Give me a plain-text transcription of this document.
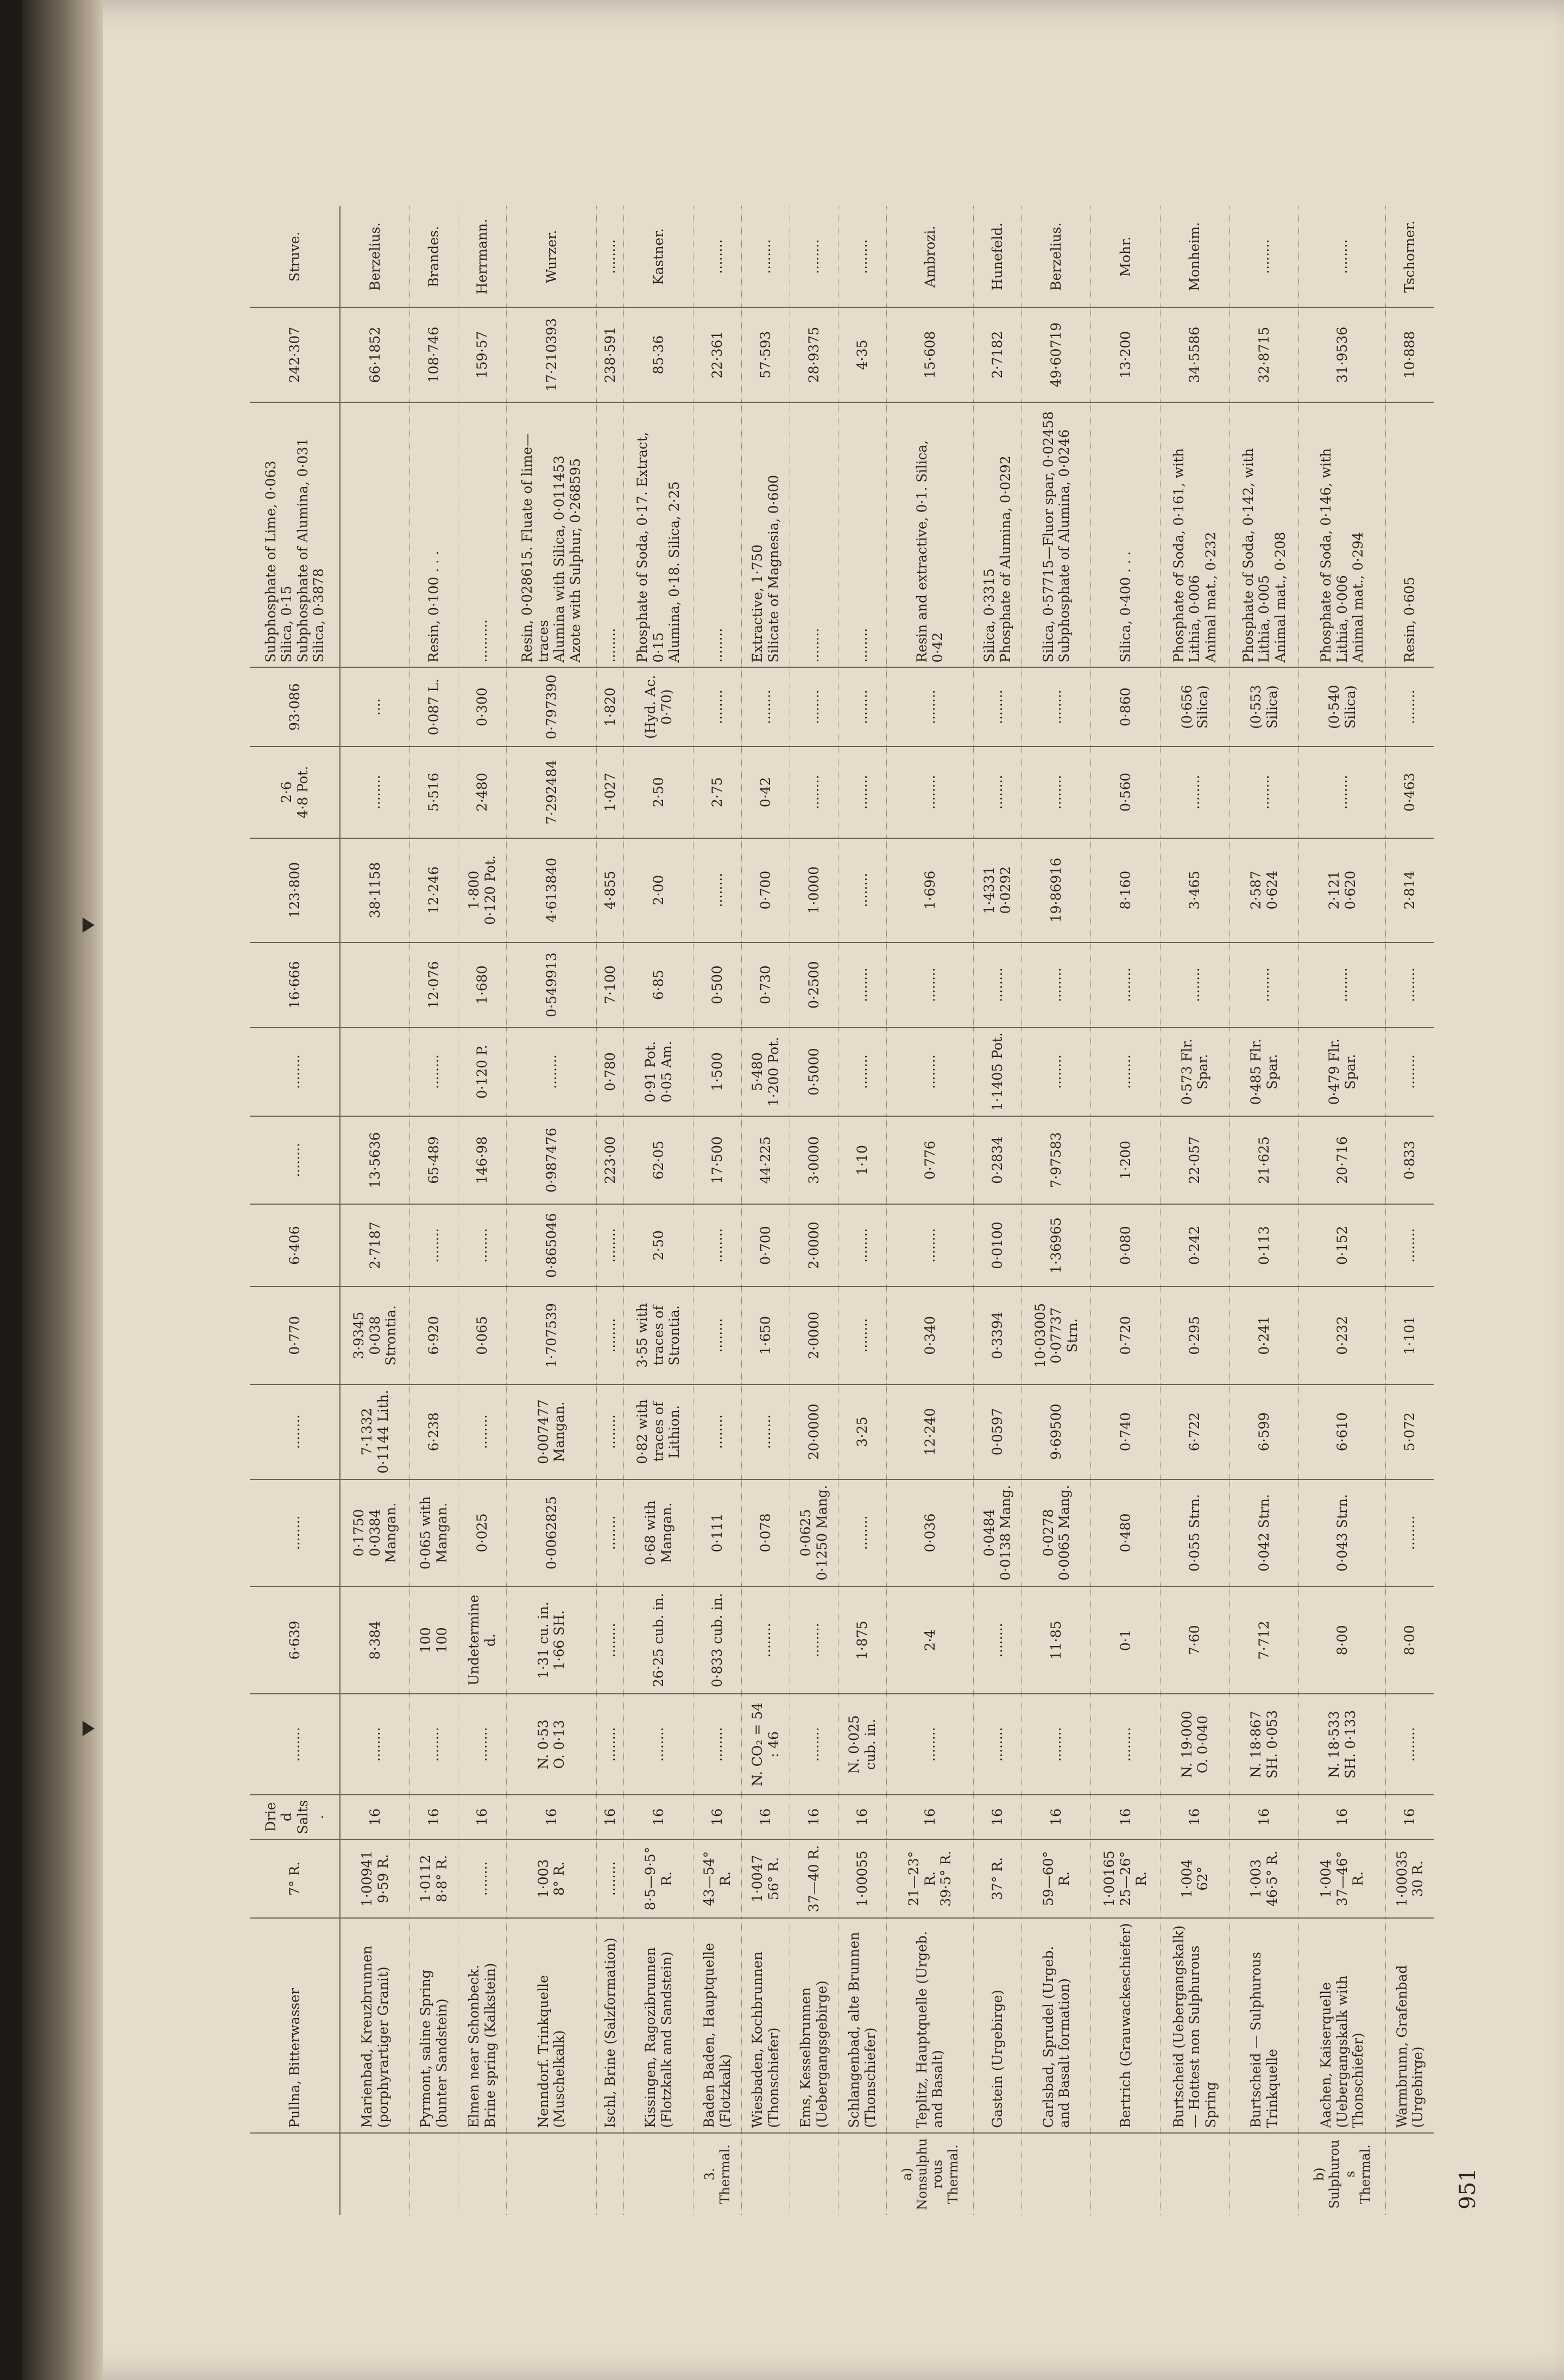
	Pullna, Bitterwasser	7° R.	Dried Salts.	........	6·639	........	........	0·770	6·406	........	........	16·666	123·800	2·6
4·8 Pot.	93·086	Subphosphate of Lime, 0·063
Silica, 0·15
Subphosphate of Alumina, 0·031
Silica, 0·3878	242·307	Struve.
	Marienbad, Kreuzbrunnen (porphyrartiger Granit)	1·00941
9·59 R.	16	........	8·384	0·1750
0·0384 Mangan.	7·1332
0·1144 Lith.	3·9345
0·038 Strontia.	2·7187	13·5636			38·1158	........	....		66·1852	Berzelius.
	Pyrmont, saline Spring (bunter Sandstein)	1·0112
8·8° R.	16	........	100
100	0·065 with Mangan.	6·238	6·920	........	65·489	........	12·076	12·246	5·516	0·087 L.	Resin, 0·100 . . .	108·746	Brandes.
	Elmen near Schonbeck. Brine spring (Kalkstein)	........	16	........	Undetermined.	0·025	........	0·065	........	146·98	0·120 P.	1·680	1·800
0·120 Pot.	2·480	0·300	..........	159·57	Herrmann.
	Nenndorf. Trinkquelle (Muschelkalk)	1·003
8° R.	16	N. 0·53
O. 0·13	1·31 cu. in.
1·66 SH.	0·0062825	0·007477 Mangan.	1·707539	0·865046	0·987476	........	0·549913	4·613840	7·292484	0·797390	Resin, 0·028615. Fluate of lime—traces
Alumina with Silica, 0·011453
Azote with Sulphur, 0·268595	17·210393	Wurzer.
	Ischl, Brine (Salzformation)	........	16	........	........	........	........	........	........	223·00	0·780	7·100	4·855	1·027	1·820	........	238·591	........
	Kissingen, Ragozibrunnen (Flotzkalk and Sandstein)	8·5—9·5° R.	16	........	26·25 cub. in.	0·68 with Mangan.	0·82 with traces of Lithion.	3·55 with traces of Strontia.	2·50	62·05	0·91 Pot.
0·05 Am.	6·85	2·00	2·50	(Hyd. Ac. 0·70)	Phosphate of Soda, 0·17. Extract, 0·15
Alumina, 0·18. Silica, 2·25	85·36	Kastner.
3.
Thermal.	Baden Baden, Hauptquelle (Flotzkalk)	43—54° R.	16	........	0·833 cub. in.	0·111	........	........	........	17·500	1·500	0·500	........	2·75	........	........	22·361	........
	Wiesbaden, Kochbrunnen (Thonschiefer)	1·0047
56° R.	16	N. CO₂ = 54 : 46	........	0·078	........	1·650	0·700	44·225	5·480
1·200 Pot.	0·730	0·700	0·42	........	Extractive, 1·750
Silicate of Magnesia, 0·600	57·593	........
	Ems, Kesselbrunnen (Uebergangsgebirge)	37—40 R.	16	........	........	0·0625
0·1250 Mang.	20·0000	2·0000	2·0000	3·0000	0·5000	0·2500	1·0000	........	........	........	28·9375	........
	Schlangenbad, alte Brunnen (Thonschiefer)	1·00055	16	N. 0·025 cub. in.	1·875	........	3·25	........	........	1·10	........	........	........	........	........	........	4·35	........
a)
Nonsulphurous
Thermal.	Teplitz, Hauptquelle (Urgeb. and Basalt)	21—23° R.
39·5° R.	16	........	2·4	0·036	12·240	0·340	........	0·776	........	........	1·696	........	........	Resin and extractive, 0·1. Silica, 0·42	15·608	Ambrozi.
	Gastein (Urgebirge)	37° R.	16	........	........	0·0484
0·0138 Mang.	0·0597	0·3394	0·0100	0·2834	1·1405 Pot.	........	1·4331
0·0292	........	........	Silica, 0·3315
Phosphate of Alumina, 0·0292	2·7182	Hunefeld.
	Carlsbad, Sprudel (Urgeb. and Basalt formation)	59—60° R.	16	........	11·85	0·0278
0·0065 Mang.	9·69500	10·03005
0·07737 Strn.	1·36965	7·97583	........	........	19·86916	........	........	Silica, 0·57715—Fluor spar, 0·02458
Subphosphate of Alumina, 0·0246	49·60719	Berzelius.
	Bertrich (Grauwackeschiefer)	1·00165
25—26° R.	16	........	0·1	0·480	0·740	0·720	0·080	1·200	........	........	8·160	0·560	0·860	Silica, 0·400 . . .	13·200	Mohr.
	Burtscheid (Uebergangskalk) — Hottest non Sulphurous Spring	1·004
62°	16	N. 19·000
O. 0·040	7·60	0·055 Strn.	6·722	0·295	0·242	22·057	0·573 Flr. Spar.	........	3·465	........	(0·656 Silica)	Phosphate of Soda, 0·161, with Lithia, 0·006
Animal mat., 0·232	34·5586	Monheim.
	Burtscheid — Sulphurous Trinkquelle	1·003
46·5° R.	16	N. 18·867
SH. 0·053	7·712	0·042 Strn.	6·599	0·241	0·113	21·625	0·485 Flr. Spar.	........	2·587
0·624	........	(0·553 Silica)	Phosphate of Soda, 0·142, with Lithia, 0·005
Animal mat., 0·208	32·8715	........
b)
Sulphurous
Thermal.	Aachen, Kaiserquelle (Uebergangskalk with Thonschiefer)	1·004
37—46° R.	16	N. 18·533
SH. 0·133	8·00	0·043 Strn.	6·610	0·232	0·152	20·716	0·479 Flr. Spar.	........	2·121
0·620	........	(0·540 Silica)	Phosphate of Soda, 0·146, with Lithia, 0·006
Animal mat., 0·294	31·9536	........
	Warmbrunn, Grafenbad (Urgebirge)	1·00035
30 R.	16	........	8·00	........	5·072	1·101	........	0·833	........	........	2·814	0·463	........	Resin, 0·605	10·888	Tschorner.
951
